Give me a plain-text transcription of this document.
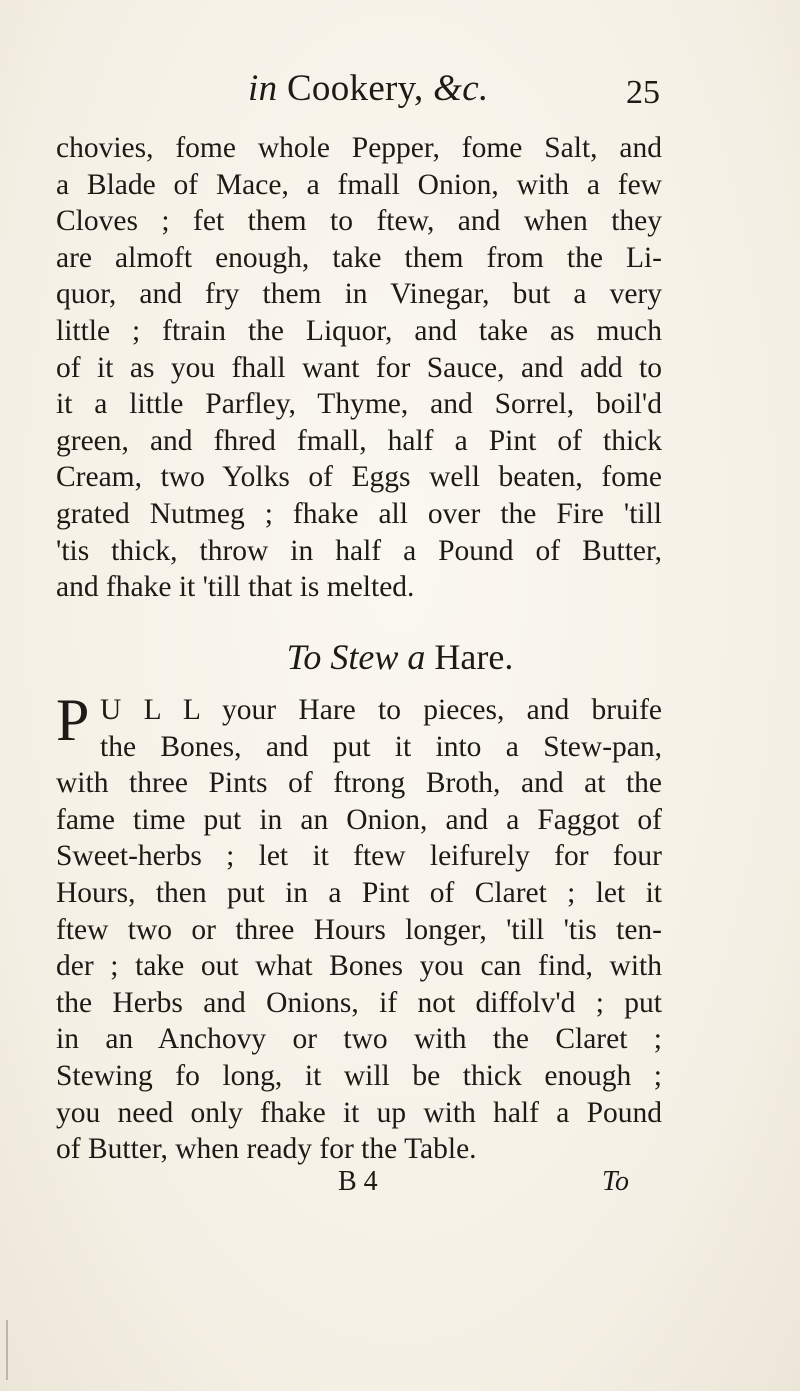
in Cookery, &c.	25
chovies, fome whole Pepper, fome Salt, and
a Blade of Mace, a fmall Onion, with a few
Cloves ; fet them to ftew, and when they
are almoft enough, take them from the Li-
quor, and fry them in Vinegar, but a very
little ; ftrain the Liquor, and take as much
of it as you fhall want for Sauce, and add to
it a little Parfley, Thyme, and Sorrel, boil'd
green, and fhred fmall, half a Pint of thick
Cream, two Yolks of Eggs well beaten, fome
grated Nutmeg ; fhake all over the Fire 'till
'tis thick, throw in half a Pound of Butter,
and fhake it 'till that is melted.
To Stew a Hare.
P U L L your Hare to pieces, and bruife
the Bones, and put it into a Stew-pan,
with three Pints of ftrong Broth, and at the
fame time put in an Onion, and a Faggot of
Sweet-herbs ; let it ftew leifurely for four
Hours, then put in a Pint of Claret ; let it
ftew two or three Hours longer, 'till 'tis ten-
der ; take out what Bones you can find, with
the Herbs and Onions, if not diffolv'd ; put
in an Anchovy or two with the Claret ;
Stewing fo long, it will be thick enough ;
you need only fhake it up with half a Pound
of Butter, when ready for the Table.
B 4	To
